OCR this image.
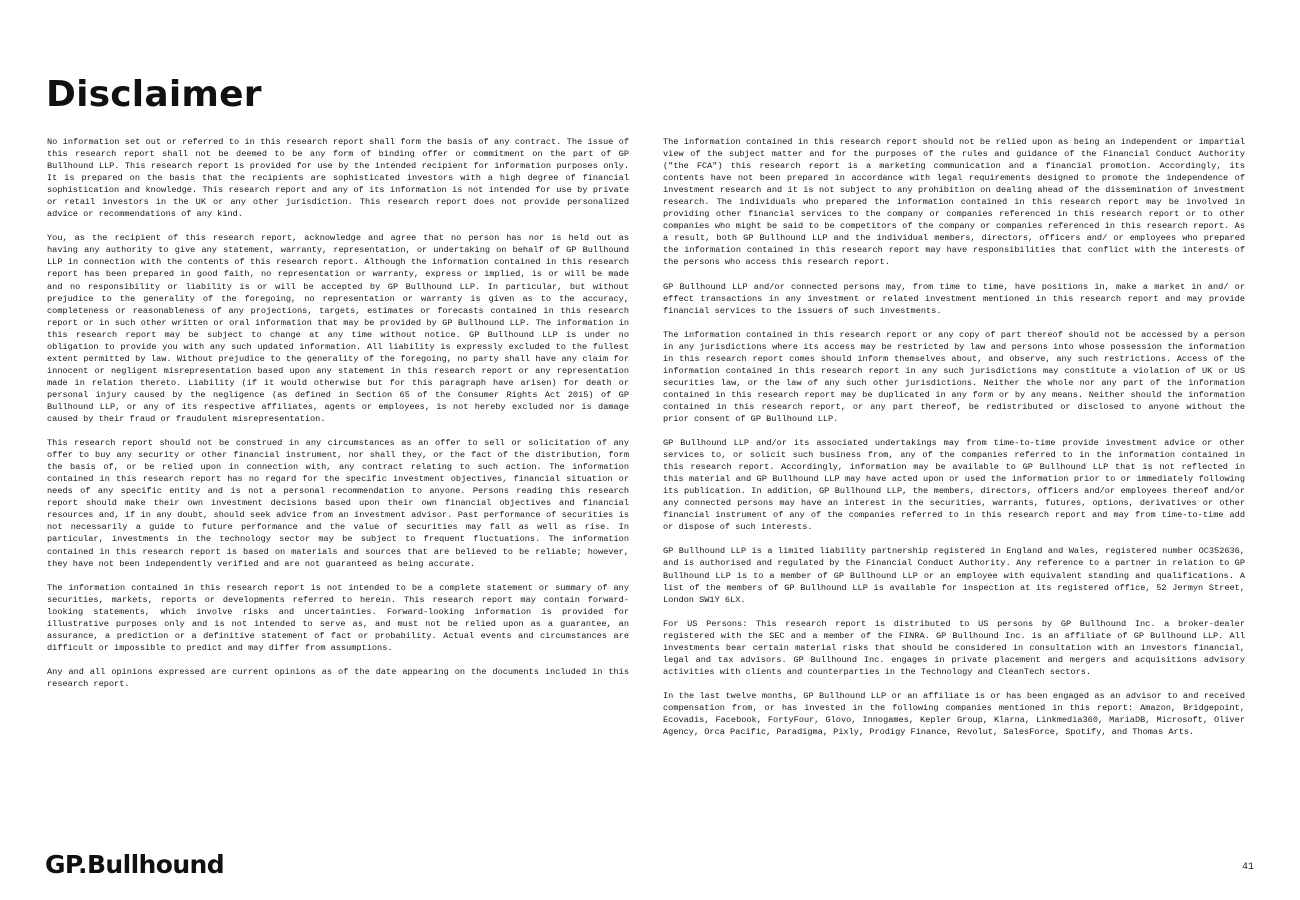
Disclaimer

No information set out or referred to in this research report shall form the basis of any contract. The issue of this research report shall not be deemed to be any form of binding offer or commitment on the part of GP Bullhound LLP. This research report is provided for use by the intended recipient for information purposes only. It is prepared on the basis that the recipients are sophisticated investors with a high degree of financial sophistication and knowledge. This research report and any of its information is not intended for use by private or retail investors in the UK or any other jurisdiction. This research report does not provide personalized advice or recommendations of any kind.

You, as the recipient of this research report, acknowledge and agree that no person has nor is held out as having any authority to give any statement, warranty, representation, or undertaking on behalf of GP Bullhound LLP in connection with the contents of this research report. Although the information contained in this research report has been prepared in good faith, no representation or warranty, express or implied, is or will be made and no responsibility or liability is or will be accepted by GP Bullhound LLP. In particular, but without prejudice to the generality of the foregoing, no representation or warranty is given as to the accuracy, completeness or reasonableness of any projections, targets, estimates or forecasts contained in this research report or in such other written or oral information that may be provided by GP Bullhound LLP. The information in this research report may be subject to change at any time without notice. GP Bullhound LLP is under no obligation to provide you with any such updated information. All liability is expressly excluded to the fullest extent permitted by law. Without prejudice to the generality of the foregoing, no party shall have any claim for innocent or negligent misrepresentation based upon any statement in this research report or any representation made in relation thereto. Liability (if it would otherwise but for this paragraph have arisen) for death or personal injury caused by the negligence (as defined in Section 65 of the Consumer Rights Act 2015) of GP Bullhound LLP, or any of its respective affiliates, agents or employees, is not hereby excluded nor is damage caused by their fraud or fraudulent misrepresentation.

This research report should not be construed in any circumstances as an offer to sell or solicitation of any offer to buy any security or other financial instrument, nor shall they, or the fact of the distribution, form the basis of, or be relied upon in connection with, any contract relating to such action. The information contained in this research report has no regard for the specific investment objectives, financial situation or needs of any specific entity and is not a personal recommendation to anyone. Persons reading this research report should make their own investment decisions based upon their own financial objectives and financial resources and, if in any doubt, should seek advice from an investment advisor. Past performance of securities is not necessarily a guide to future performance and the value of securities may fall as well as rise. In particular, investments in the technology sector may be subject to frequent fluctuations. The information contained in this research report is based on materials and sources that are believed to be reliable; however, they have not been independently verified and are not guaranteed as being accurate.

The information contained in this research report is not intended to be a complete statement or summary of any securities, markets, reports or developments referred to herein. This research report may contain forward-looking statements, which involve risks and uncertainties. Forward-looking information is provided for illustrative purposes only and is not intended to serve as, and must not be relied upon as a guarantee, an assurance, a prediction or a definitive statement of fact or probability. Actual events and circumstances are difficult or impossible to predict and may differ from assumptions.

Any and all opinions expressed are current opinions as of the date appearing on the documents included in this research report.

The information contained in this research report should not be relied upon as being an independent or impartial view of the subject matter and for the purposes of the rules and guidance of the Financial Conduct Authority ("the FCA") this research report is a marketing communication and a financial promotion. Accordingly, its contents have not been prepared in accordance with legal requirements designed to promote the independence of investment research and it is not subject to any prohibition on dealing ahead of the dissemination of investment research. The individuals who prepared the information contained in this research report may be involved in providing other financial services to the company or companies referenced in this research report or to other companies who might be said to be competitors of the company or companies referenced in this research report. As a result, both GP Bullhound LLP and the individual members, directors, officers and/ or employees who prepared the information contained in this research report may have responsibilities that conflict with the interests of the persons who access this research report.

GP Bullhound LLP and/or connected persons may, from time to time, have positions in, make a market in and/ or effect transactions in any investment or related investment mentioned in this research report and may provide financial services to the issuers of such investments.

The information contained in this research report or any copy of part thereof should not be accessed by a person in any jurisdictions where its access may be restricted by law and persons into whose possession the information in this research report comes should inform themselves about, and observe, any such restrictions. Access of the information contained in this research report in any such jurisdictions may constitute a violation of UK or US securities law, or the law of any such other jurisdictions. Neither the whole nor any part of the information contained in this research report may be duplicated in any form or by any means. Neither should the information contained in this research report, or any part thereof, be redistributed or disclosed to anyone without the prior consent of GP Bullhound LLP.

GP Bullhound LLP and/or its associated undertakings may from time-to-time provide investment advice or other services to, or solicit such business from, any of the companies referred to in the information contained in this research report. Accordingly, information may be available to GP Bullhound LLP that is not reflected in this material and GP Bullhound LLP may have acted upon or used the information prior to or immediately following its publication. In addition, GP Bullhound LLP, the members, directors, officers and/or employees thereof and/or any connected persons may have an interest in the securities, warrants, futures, options, derivatives or other financial instrument of any of the companies referred to in this research report and may from time-to-time add or dispose of such interests.

GP Bullhound LLP is a limited liability partnership registered in England and Wales, registered number OC352636, and is authorised and regulated by the Financial Conduct Authority. Any reference to a partner in relation to GP Bullhound LLP is to a member of GP Bullhound LLP or an employee with equivalent standing and qualifications. A list of the members of GP Bullhound LLP is available for inspection at its registered office, 52 Jermyn Street, London SW1Y 6LX.

For US Persons: This research report is distributed to US persons by GP Bullhound Inc. a broker-dealer registered with the SEC and a member of the FINRA. GP Bullhound Inc. is an affiliate of GP Bullhound LLP. All investments bear certain material risks that should be considered in consultation with an investors financial, legal and tax advisors. GP Bullhound Inc. engages in private placement and mergers and acquisitions advisory activities with clients and counterparties in the Technology and CleanTech sectors.

In the last twelve months, GP Bullhound LLP or an affiliate is or has been engaged as an advisor to and received compensation from, or has invested in the following companies mentioned in this report: Amazon, Bridgepoint, Ecovadis, Facebook, FortyFour, Glovo, Innogames, Kepler Group, Klarna, Linkmedia360, MariaDB, Microsoft, Oliver Agency, Orca Pacific, Paradigma, Pixly, Prodigy Finance, Revolut, SalesForce, Spotify, and Thomas Arts.

GP.Bullhound	41
